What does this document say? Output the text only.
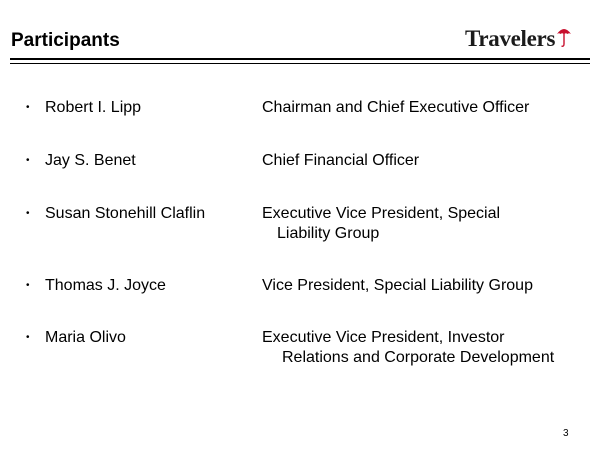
Participants	Travelers
• Robert I. Lipp	Chairman and Chief Executive Officer
• Jay S. Benet	Chief Financial Officer
• Susan Stonehill Claflin	Executive Vice President, Special
Liability Group
• Thomas J. Joyce	Vice President, Special Liability Group
• Maria Olivo	Executive Vice President, Investor
Relations and Corporate Development
3
